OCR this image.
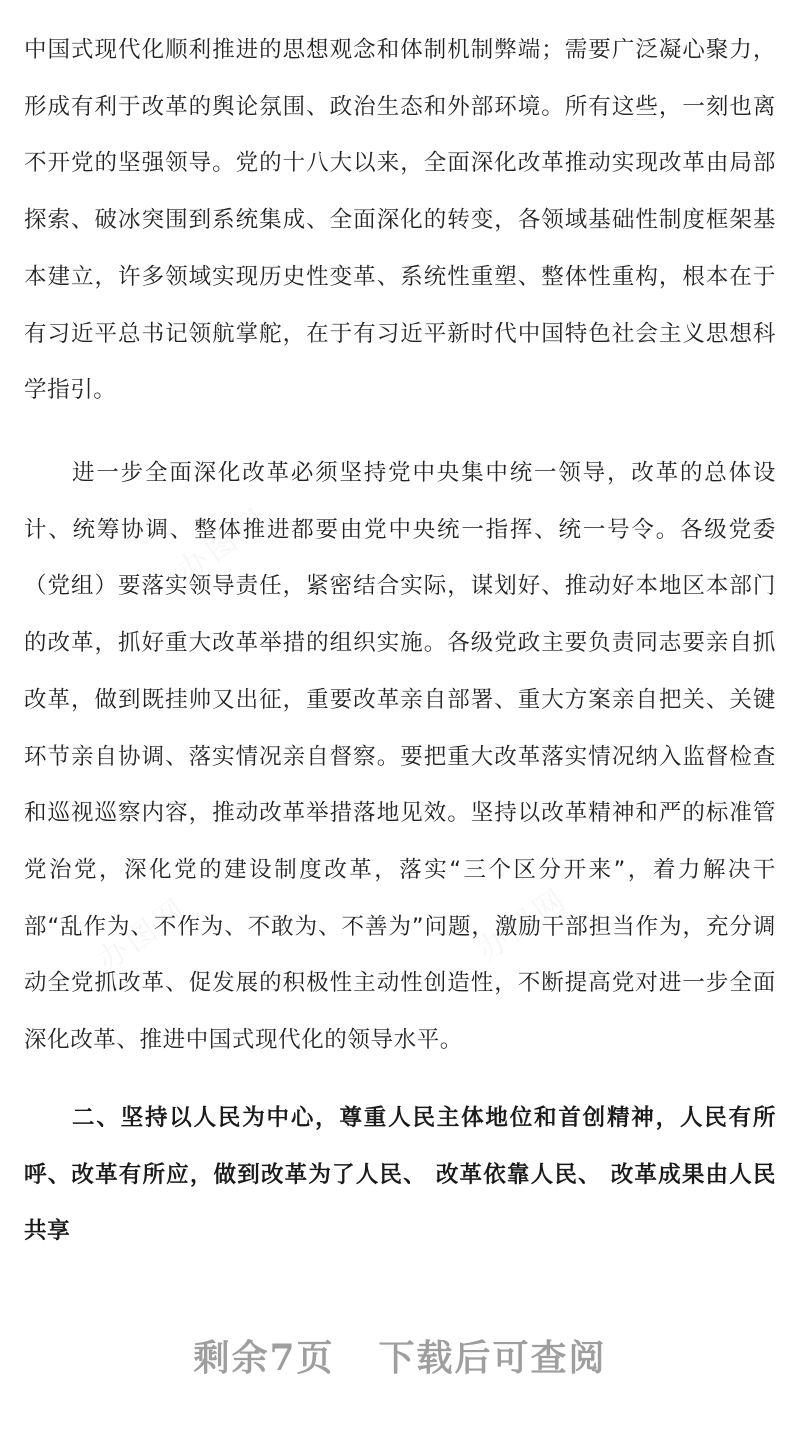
办图网
办图网
办图网

中国式现代化顺利推进的思想观念和体制机制弊端；需要广泛凝心聚力，形成有利于改革的舆论氛围、政治生态和外部环境。所有这些，一刻也离不开党的坚强领导。党的十八大以来，全面深化改革推动实现改革由局部探索、破冰突围到系统集成、全面深化的转变，各领域基础性制度框架基本建立，许多领域实现历史性变革、系统性重塑、整体性重构，根本在于有习近平总书记领航掌舵，在于有习近平新时代中国特色社会主义思想科学指引。

进一步全面深化改革必须坚持党中央集中统一领导，改革的总体设计、统筹协调、整体推进都要由党中央统一指挥、统一号令。各级党委（党组）要落实领导责任，紧密结合实际，谋划好、推动好本地区本部门的改革，抓好重大改革举措的组织实施。各级党政主要负责同志要亲自抓改革，做到既挂帅又出征，重要改革亲自部署、重大方案亲自把关、关键环节亲自协调、落实情况亲自督察。要把重大改革落实情况纳入监督检查和巡视巡察内容，推动改革举措落地见效。坚持以改革精神和严的标准管党治党，深化党的建设制度改革，落实“三个区分开来”，着力解决干部“乱作为、不作为、不敢为、不善为”问题，激励干部担当作为，充分调动全党抓改革、促发展的积极性主动性创造性，不断提高党对进一步全面深化改革、推进中国式现代化的领导水平。

二、坚持以人民为中心，尊重人民主体地位和首创精神，人民有所呼、改革有所应，做到改革为了人民、 改革依靠人民、 改革成果由人民共享

剩余7页 下载后可查阅
